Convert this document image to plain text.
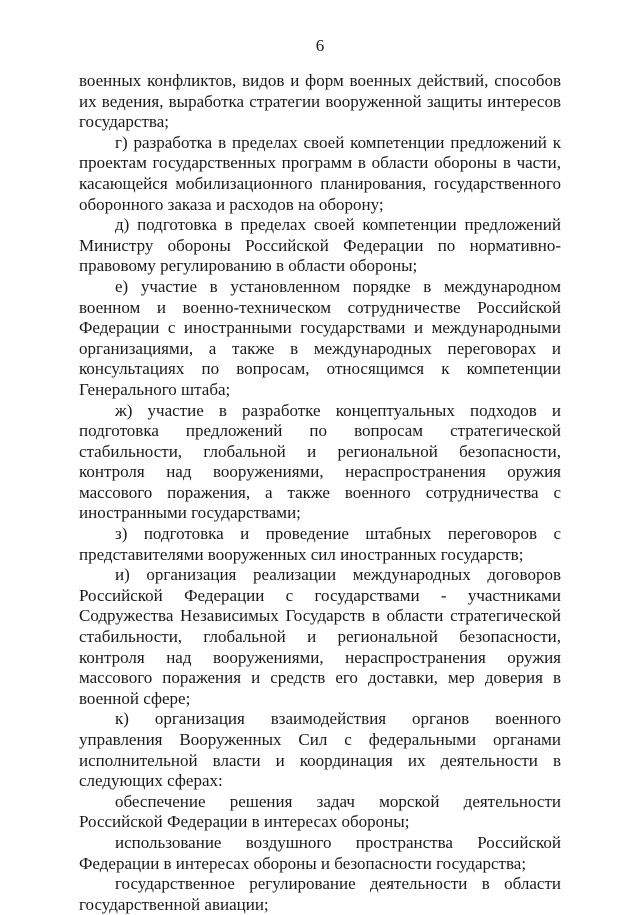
6

военных конфликтов, видов и форм военных действий, способов их ведения, выработка стратегии вооруженной защиты интересов государства;

г) разработка в пределах своей компетенции предложений к проектам государственных программ в области обороны в части, касающейся мобилизационного планирования, государственного оборонного заказа и расходов на оборону;

д) подготовка в пределах своей компетенции предложений Министру обороны Российской Федерации по нормативно-правовому регулированию в области обороны;

е) участие в установленном порядке в международном военном и военно-техническом сотрудничестве Российской Федерации с иностранными государствами и международными организациями, а также в международных переговорах и консультациях по вопросам, относящимся к компетенции Генерального штаба;

ж) участие в разработке концептуальных подходов и подготовка предложений по вопросам стратегической стабильности, глобальной и региональной безопасности, контроля над вооружениями, нераспространения оружия массового поражения, а также военного сотрудничества с иностранными государствами;

з) подготовка и проведение штабных переговоров с представителями вооруженных сил иностранных государств;

и) организация реализации международных договоров Российской Федерации с государствами - участниками Содружества Независимых Государств в области стратегической стабильности, глобальной и региональной безопасности, контроля над вооружениями, нераспространения оружия массового поражения и средств его доставки, мер доверия в военной сфере;

к) организация взаимодействия органов военного управления Вооруженных Сил с федеральными органами исполнительной власти и координация их деятельности в следующих сферах:

обеспечение решения задач морской деятельности Российской Федерации в интересах обороны;

использование воздушного пространства Российской Федерации в интересах обороны и безопасности государства;

государственное регулирование деятельности в области государственной авиации;
